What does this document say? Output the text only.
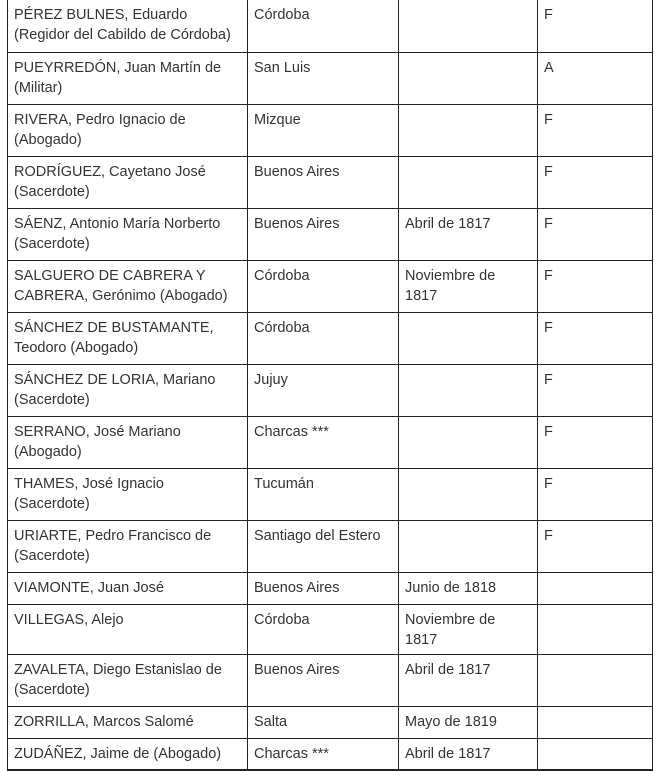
PÉREZ BULNES, Eduardo
(Regidor del Cabildo de Córdoba)	Córdoba		F

PUEYRREDÓN, Juan Martín de
(Militar)	San Luis		A

RIVERA, Pedro Ignacio de
(Abogado)	Mizque		F

RODRÍGUEZ, Cayetano José
(Sacerdote)	Buenos Aires		F

SÁENZ, Antonio María Norberto
(Sacerdote)	Buenos Aires	Abril de 1817	F

SALGUERO DE CABRERA Y
CABRERA, Gerónimo (Abogado)	Córdoba	Noviembre de 1817	F

SÁNCHEZ DE BUSTAMANTE,
Teodoro (Abogado)	Córdoba		F

SÁNCHEZ DE LORIA, Mariano
(Sacerdote)	Jujuy		F

SERRANO, José Mariano
(Abogado)	Charcas ***		F

THAMES, José Ignacio
(Sacerdote)	Tucumán		F

URIARTE, Pedro Francisco de
(Sacerdote)	Santiago del Estero		F

VIAMONTE, Juan José	Buenos Aires	Junio de 1818	

VILLEGAS, Alejo	Córdoba	Noviembre de 1817	

ZAVALETA, Diego Estanislao de
(Sacerdote)	Buenos Aires	Abril de 1817	

ZORRILLA, Marcos Salomé	Salta	Mayo de 1819	

ZUDÁÑEZ, Jaime de (Abogado)	Charcas ***	Abril de 1817	
